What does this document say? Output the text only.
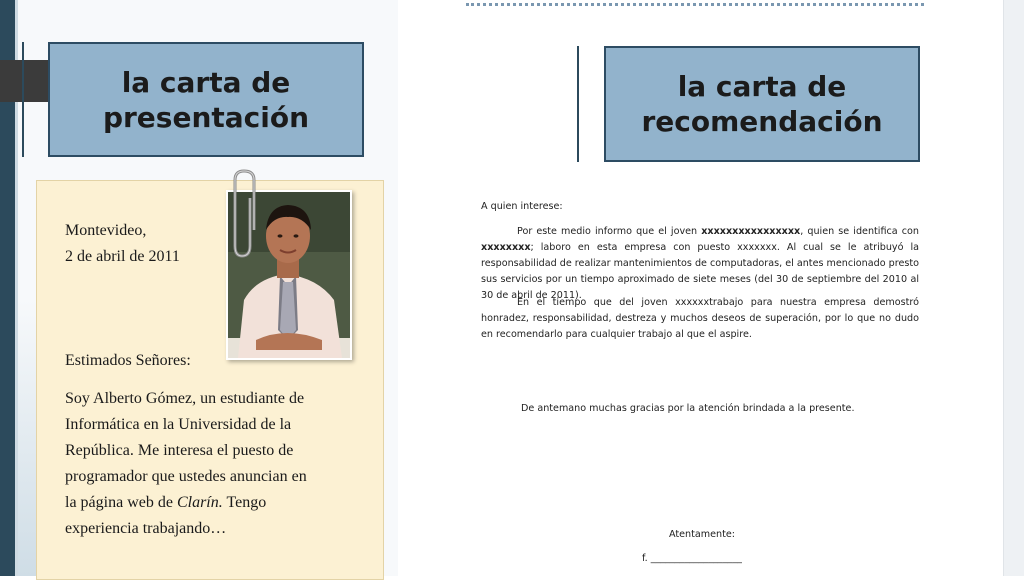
la carta de
presentación
la carta de
recomendación
Montevideo,
2 de abril de 2011
Estimados Señores:
Soy Alberto Gómez, un estudiante de
Informática en la Universidad de la
República. Me interesa el puesto de
programador que ustedes anuncian en
la página web de Clarín. Tengo
experiencia trabajando…
A quien interese:
Por este medio informo que el joven xxxxxxxxxxxxxxxx, quien se identifica con xxxxxxxx; laboro en esta empresa con puesto xxxxxxx. Al cual se le atribuyó la responsabilidad de realizar mantenimientos de computadoras, el antes mencionado presto sus servicios por un tiempo aproximado de siete meses (del 30 de septiembre del 2010 al 30 de abril de 2011).
En el tiempo que del joven xxxxxxtrabajo para nuestra empresa demostró honradez, responsabilidad, destreza y muchos deseos de superación, por lo que no dudo en recomendarlo para cualquier trabajo al que el aspire.
De antemano muchas gracias por la atención brindada a la presente.
Atentamente:
f. ___________________
